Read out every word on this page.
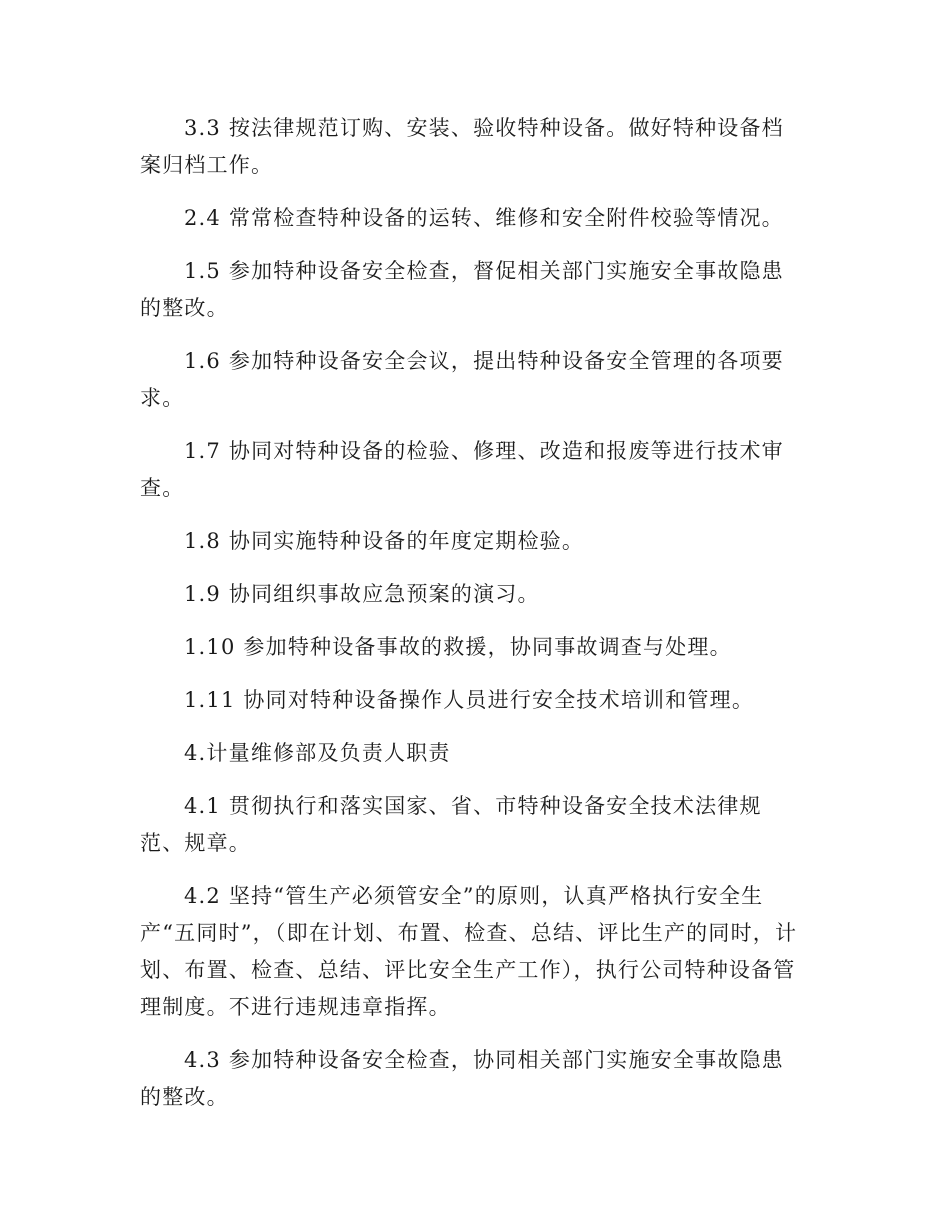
3.3 按法律规范订购、安装、验收特种设备。做好特种设备档案归档工作。

2.4 常常检查特种设备的运转、维修和安全附件校验等情况。

1.5 参加特种设备安全检查，督促相关部门实施安全事故隐患的整改。

1.6 参加特种设备安全会议，提出特种设备安全管理的各项要求。

1.7 协同对特种设备的检验、修理、改造和报废等进行技术审查。

1.8 协同实施特种设备的年度定期检验。

1.9 协同组织事故应急预案的演习。

1.10 参加特种设备事故的救援，协同事故调查与处理。

1.11 协同对特种设备操作人员进行安全技术培训和管理。

4.计量维修部及负责人职责

4.1 贯彻执行和落实国家、省、市特种设备安全技术法律规范、规章。

4.2 坚持“管生产必须管安全”的原则，认真严格执行安全生产“五同时”，（即在计划、布置、检查、总结、评比生产的同时，计划、布置、检查、总结、评比安全生产工作），执行公司特种设备管理制度。不进行违规违章指挥。

4.3 参加特种设备安全检查，协同相关部门实施安全事故隐患的整改。
